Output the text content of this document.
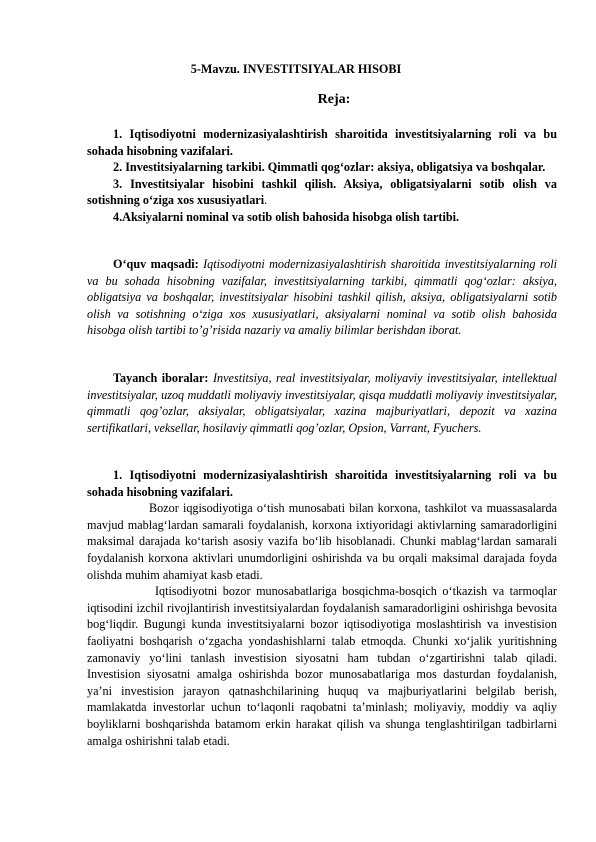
5-Mavzu. INVESTITSIYALAR HISOBI
Reja:

1. Iqtisodiyotni modernizasiyalashtirish sharoitida investitsiyalarning roli va bu sohada hisobning vazifalari.

2. Investitsiyalarning tarkibi. Qimmatli qog‘ozlar: aksiya, obligatsiya va boshqalar.

3. Investitsiyalar hisobini tashkil qilish. Aksiya, obligatsiyalarni sotib olish va sotishning o‘ziga xos xususiyatlari.

4.Aksiyalarni nominal va sotib olish bahosida hisobga olish tartibi.

O‘quv maqsadi: Iqtisodiyotni modernizasiyalashtirish sharoitida investitsiyalarning roli va bu sohada hisobning vazifalar, investitsiyalarning tarkibi, qimmatli qog‘ozlar: aksiya, obligatsiya va boshqalar, investitsiyalar hisobini tashkil qilish, aksiya, obligatsiyalarni sotib olish va sotishning o‘ziga xos xususiyatlari, aksiyalarni nominal va sotib olish bahosida hisobga olish tartibi to’g’risida nazariy va amaliy bilimlar berishdan iborat.

Tayanch iboralar: Investitsiya, real investitsiyalar, moliyaviy investitsiyalar, intellektual investitsiyalar, uzoq muddatli moliyaviy investitsiyalar, qisqa muddatli moliyaviy investitsiyalar, qimmatli qog’ozlar, aksiyalar, obligatsiyalar, xazina majburiyatlari, depozit va xazina sertifikatlari, veksellar, hosilaviy qimmatli qog’ozlar, Opsion, Varrant, Fyuchers.

1. Iqtisodiyotni modernizasiyalashtirish sharoitida investitsiyalarning roli va bu sohada hisobning vazifalari.

Bozor iqgisodiyotiga o‘tish munosabati bilan korxona, tashkilot va muassasalarda mavjud mablag‘lardan samarali foydalanish, korxona ixtiyoridagi aktivlarning samaradorligini maksimal darajada ko‘tarish asosiy vazifa bo‘lib hisoblanadi. Chunki mablag‘lardan samarali foydalanish korxona aktivlari unumdorligini oshirishda va bu orqali maksimal darajada foyda olishda muhim ahamiyat kasb etadi.

Iqtisodiyotni bozor munosabatlariga bosqichma-bosqich o‘tkazish va tarmoqlar iqtisodini izchil rivojlantirish investitsiyalardan foydalanish samaradorligini oshirishga bevosita bog‘liqdir. Bugungi kunda investitsiyalarni bozor iqtisodiyotiga moslashtirish va investision faoliyatni boshqarish o‘zgacha yondashishlarni talab etmoqda. Chunki xo‘jalik yuritishning zamonaviy yo‘lini tanlash investision siyosatni ham tubdan o‘zgartirishni talab qiladi. Investision siyosatni amalga oshirishda bozor munosabatlariga mos dasturdan foydalanish, ya’ni investision jarayon qatnashchilarining huquq va majburiyatlarini belgilab berish, mamlakatda investorlar uchun to‘laqonli raqobatni ta’minlash; moliyaviy, moddiy va aqliy boyliklarni boshqarishda batamom erkin harakat qilish va shunga tenglashtirilgan tadbirlarni amalga oshirishni talab etadi.
